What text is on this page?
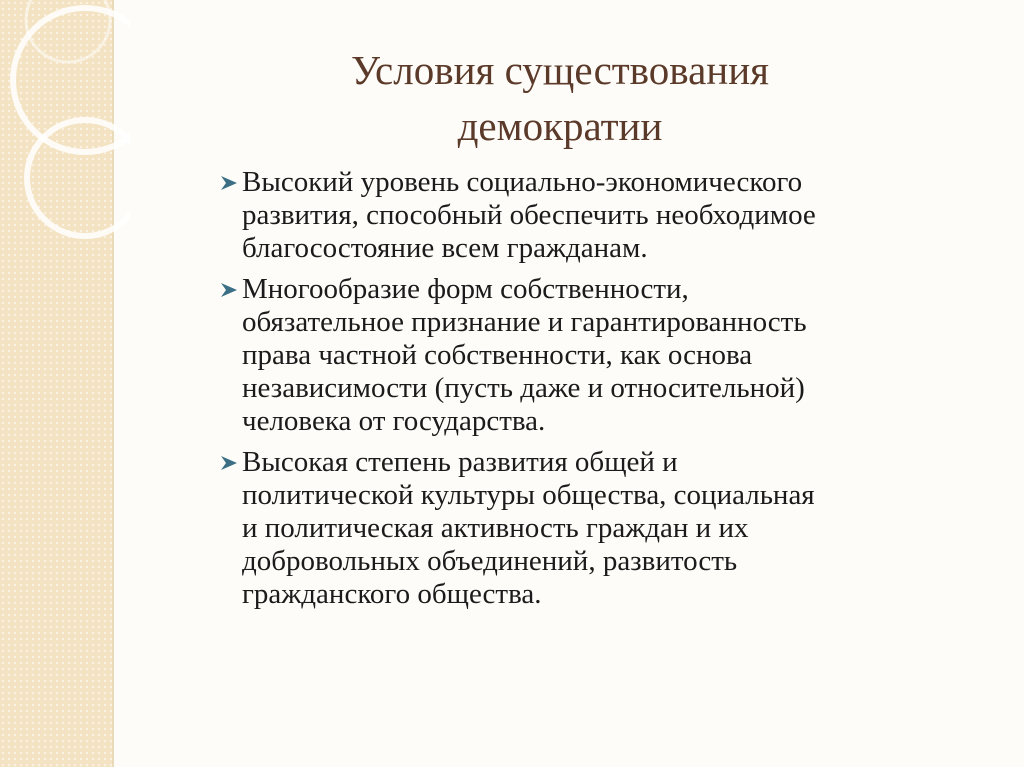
Условия существования
демократии
Высокий уровень социально-экономического
развития, способный обеспечить необходимое
благосостояние всем гражданам.
Многообразие форм собственности,
обязательное признание и гарантированность
права частной собственности, как основа
независимости (пусть даже и относительной)
человека от государства.
Высокая степень развития общей и
политической культуры общества, социальная
и политическая активность граждан и их
добровольных объединений, развитость
гражданского общества.
